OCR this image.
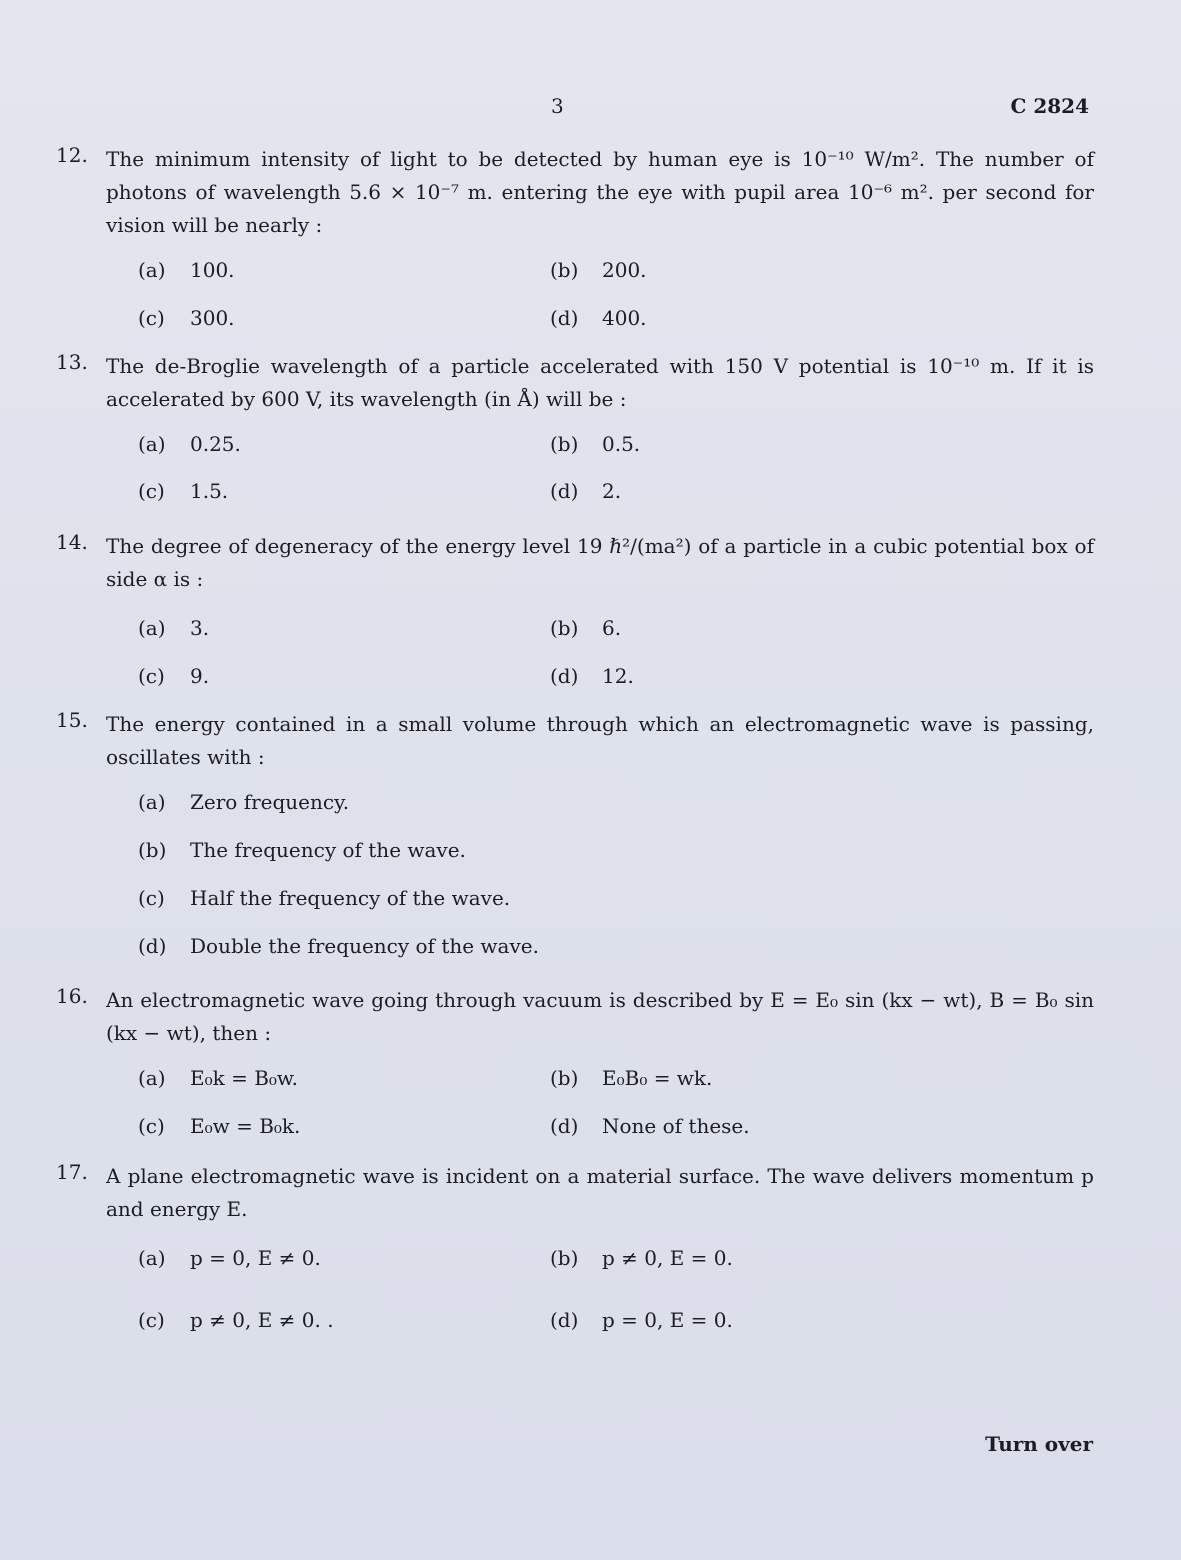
3	C 2824
12. The minimum intensity of light to be detected by human eye is 10⁻¹⁰ W/m². The number of photons of wavelength 5.6 × 10⁻⁷ m. entering the eye with pupil area 10⁻⁶ m². per second for vision will be nearly :
(a) 100.	(b) 200.
(c) 300.	(d) 400.
13. The de-Broglie wavelength of a particle accelerated with 150 V potential is 10⁻¹⁰ m. If it is accelerated by 600 V, its wavelength (in Å) will be :
(a) 0.25.	(b) 0.5.
(c) 1.5.	(d) 2.
14. The degree of degeneracy of the energy level 19 ℏ²/(ma²) of a particle in a cubic potential box of side α is :
(a) 3.	(b) 6.
(c) 9.	(d) 12.
15. The energy contained in a small volume through which an electromagnetic wave is passing, oscillates with :
(a) Zero frequency.
(b) The frequency of the wave.
(c) Half the frequency of the wave.
(d) Double the frequency of the wave.
16. An electromagnetic wave going through vacuum is described by E = E₀ sin (kx − wt), B = B₀ sin (kx − wt), then :
(a) E₀k = B₀w.	(b) E₀B₀ = wk.
(c) E₀w = B₀k.	(d) None of these.
17. A plane electromagnetic wave is incident on a material surface. The wave delivers momentum p and energy E.
(a) p = 0, E ≠ 0.	(b) p ≠ 0, E = 0.
(c) p ≠ 0, E ≠ 0. .	(d) p = 0, E = 0.
Turn over
